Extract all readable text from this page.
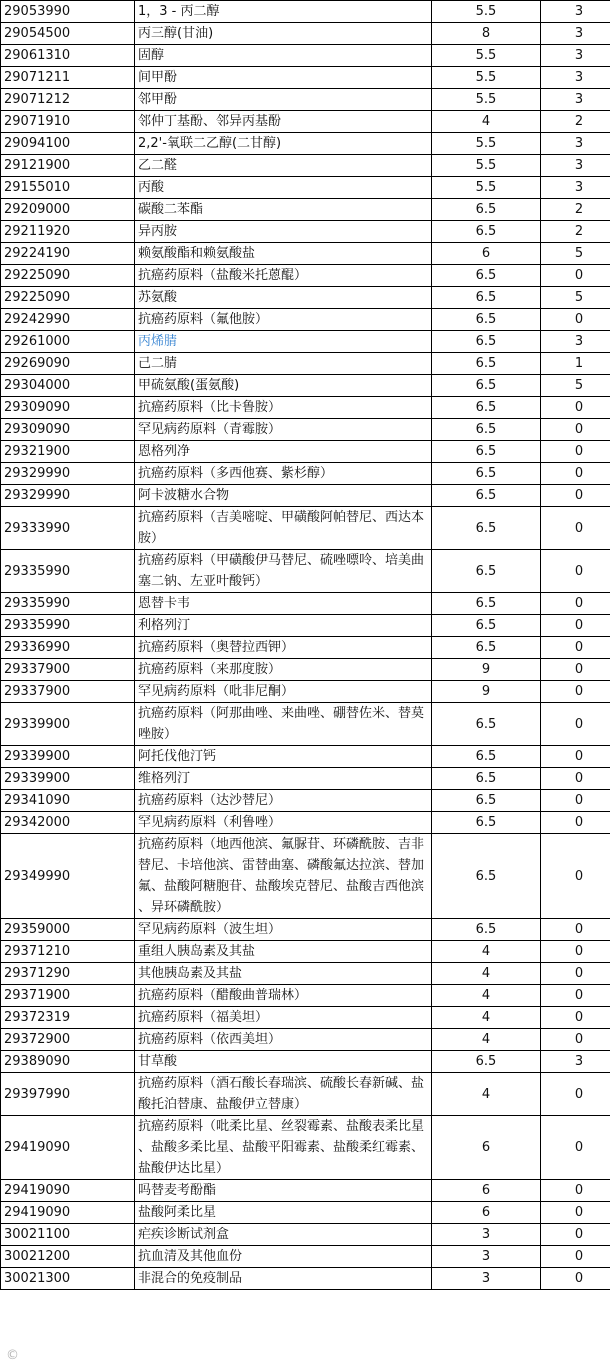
29053990	1，3 - 丙二醇	5.5	3
29054500	丙三醇(甘油)	8	3
29061310	固醇	5.5	3
29071211	间甲酚	5.5	3
29071212	邻甲酚	5.5	3
29071910	邻仲丁基酚、邻异丙基酚	4	2
29094100	2,2'-氧联二乙醇(二甘醇)	5.5	3
29121900	乙二醛	5.5	3
29155010	丙酸	5.5	3
29209000	碳酸二苯酯	6.5	2
29211920	异丙胺	6.5	2
29224190	赖氨酸酯和赖氨酸盐	6	5
29225090	抗癌药原料（盐酸米托蒽醌）	6.5	0
29225090	苏氨酸	6.5	5
29242990	抗癌药原料（氟他胺）	6.5	0
29261000	丙烯腈	6.5	3
29269090	己二腈	6.5	1
29304000	甲硫氨酸(蛋氨酸)	6.5	5
29309090	抗癌药原料（比卡鲁胺）	6.5	0
29309090	罕见病药原料（青霉胺）	6.5	0
29321900	恩格列净	6.5	0
29329990	抗癌药原料（多西他赛、紫杉醇）	6.5	0
29329990	阿卡波糖水合物	6.5	0
29333990	抗癌药原料（吉美嘧啶、甲磺酸阿帕替尼、西达本 胺）	6.5	0
29335990	抗癌药原料（甲磺酸伊马替尼、硫唑嘌呤、培美曲 塞二钠、左亚叶酸钙）	6.5	0
29335990	恩替卡韦	6.5	0
29335990	利格列汀	6.5	0
29336990	抗癌药原料（奥替拉西钾）	6.5	0
29337900	抗癌药原料（来那度胺）	9	0
29337900	罕见病药原料（吡非尼酮）	9	0
29339900	抗癌药原料（阿那曲唑、来曲唑、硼替佐米、替莫 唑胺）	6.5	0
29339900	阿托伐他汀钙	6.5	0
29339900	维格列汀	6.5	0
29341090	抗癌药原料（达沙替尼）	6.5	0
29342000	罕见病药原料（利鲁唑）	6.5	0
29349990	抗癌药原料（地西他滨、氟脲苷、环磷酰胺、吉非替尼、卡培他滨、雷替曲塞、磷酸氟达拉滨、替加氟、盐酸阿糖胞苷、盐酸埃克替尼、盐酸吉西他滨 、异环磷酰胺）	6.5	0
29359000	罕见病药原料（波生坦）	6.5	0
29371210	重组人胰岛素及其盐	4	0
29371290	其他胰岛素及其盐	4	0
29371900	抗癌药原料（醋酸曲普瑞林）	4	0
29372319	抗癌药原料（福美坦）	4	0
29372900	抗癌药原料（依西美坦）	4	0
29389090	甘草酸	6.5	3
29397990	抗癌药原料（酒石酸长春瑞滨、硫酸长春新碱、盐 酸托泊替康、盐酸伊立替康）	4	0
29419090	抗癌药原料（吡柔比星、丝裂霉素、盐酸表柔比星 、盐酸多柔比星、盐酸平阳霉素、盐酸柔红霉素、盐酸伊达比星）	6	0
29419090	吗替麦考酚酯	6	0
29419090	盐酸阿柔比星	6	0
30021100	疟疾诊断试剂盒	3	0
30021200	抗血清及其他血份	3	0
30021300	非混合的免疫制品	3	0
©
